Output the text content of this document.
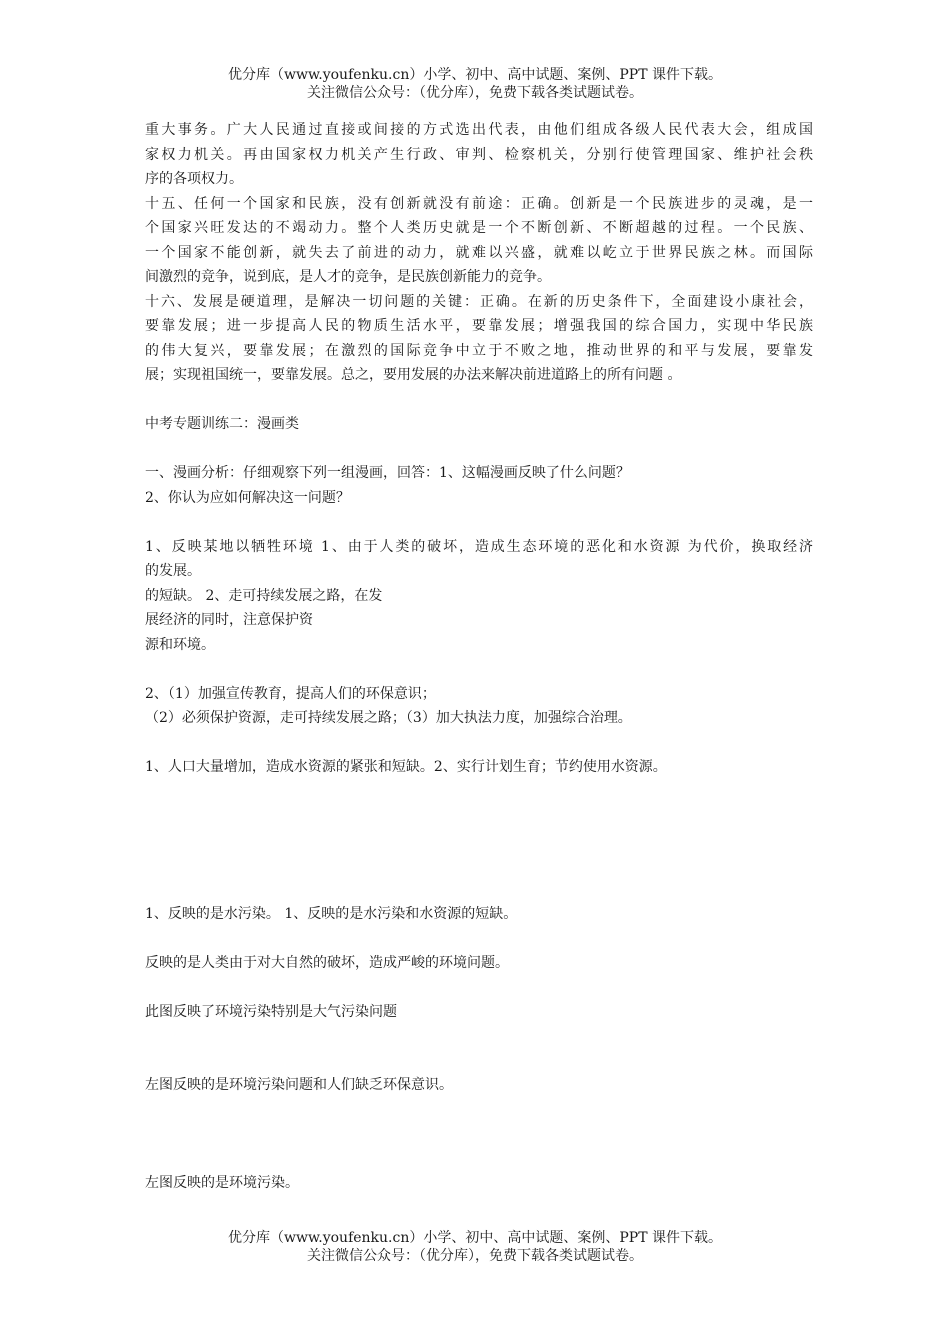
优分库（www.youfenku.cn）小学、初中、高中试题、案例、PPT 课件下载。
关注微信公众号：（优分库），免费下载各类试题试卷。

重大事务。广大人民通过直接或间接的方式选出代表，由他们组成各级人民代表大会，组成国

家权力机关。再由国家权力机关产生行政、审判、检察机关，分别行使管理国家、维护社会秩

序的各项权力。

十五、任何一个国家和民族，没有创新就没有前途：正确。创新是一个民族进步的灵魂，是一

个国家兴旺发达的不竭动力。整个人类历史就是一个不断创新、不断超越的过程。一个民族、

一个国家不能创新，就失去了前进的动力，就难以兴盛，就难以屹立于世界民族之林。而国际

间激烈的竞争，说到底，是人才的竞争，是民族创新能力的竞争。

十六、发展是硬道理，是解决一切问题的关键：正确。在新的历史条件下，全面建设小康社会，

要靠发展；进一步提高人民的物质生活水平，要靠发展；增强我国的综合国力，实现中华民族

的伟大复兴，要靠发展；在激烈的国际竞争中立于不败之地，推动世界的和平与发展，要靠发

展；实现祖国统一，要靠发展。总之，要用发展的办法来解决前进道路上的所有问题 。

中考专题训练二：漫画类

一、漫画分析：仔细观察下列一组漫画，回答：1、这幅漫画反映了什么问题？

2、你认为应如何解决这一问题？

1、反映某地以牺牲环境 1、由于人类的破坏，造成生态环境的恶化和水资源 为代价，换取经济

的发展。

的短缺。 2、走可持续发展之路，在发

展经济的同时，注意保护资

源和环境。

2、（1）加强宣传教育，提高人们的环保意识；

（2）必须保护资源，走可持续发展之路；（3）加大执法力度，加强综合治理。

1、人口大量增加，造成水资源的紧张和短缺。2、实行计划生育；节约使用水资源。

1、反映的是水污染。 1、反映的是水污染和水资源的短缺。

反映的是人类由于对大自然的破坏，造成严峻的环境问题。

此图反映了环境污染特别是大气污染问题

左图反映的是环境污染问题和人们缺乏环保意识。

左图反映的是环境污染。

优分库（www.youfenku.cn）小学、初中、高中试题、案例、PPT 课件下载。
关注微信公众号：（优分库），免费下载各类试题试卷。
